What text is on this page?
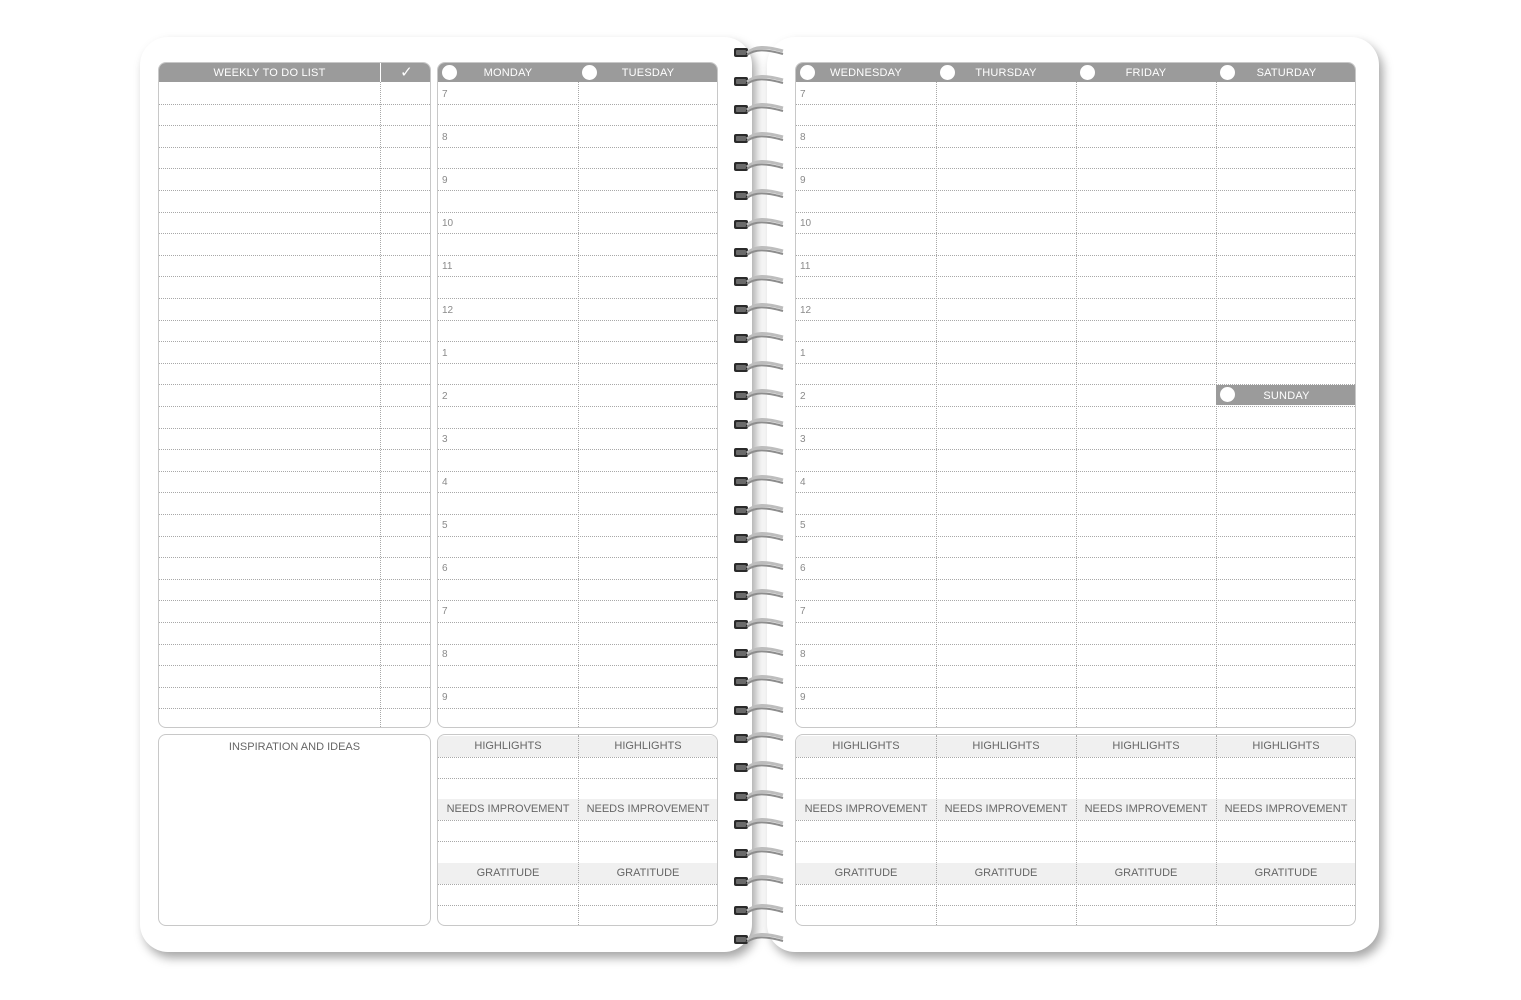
WEEKLY TO DO LIST	✓	MONDAY	TUESDAY
7
8
9
10
11
12
1
2
3
4
5
6
7
8
9
WEDNESDAY	THURSDAY	FRIDAY	SATURDAY
SUNDAY
7
8
9
10
11
12
1
2
3
4
5
6
7
8
9
INSPIRATION AND IDEAS	HIGHLIGHTS	HIGHLIGHTS
NEEDS IMPROVEMENT	NEEDS IMPROVEMENT
GRATITUDE	GRATITUDE
HIGHLIGHTS	HIGHLIGHTS	HIGHLIGHTS	HIGHLIGHTS
NEEDS IMPROVEMENT	NEEDS IMPROVEMENT	NEEDS IMPROVEMENT	NEEDS IMPROVEMENT
GRATITUDE	GRATITUDE	GRATITUDE	GRATITUDE
